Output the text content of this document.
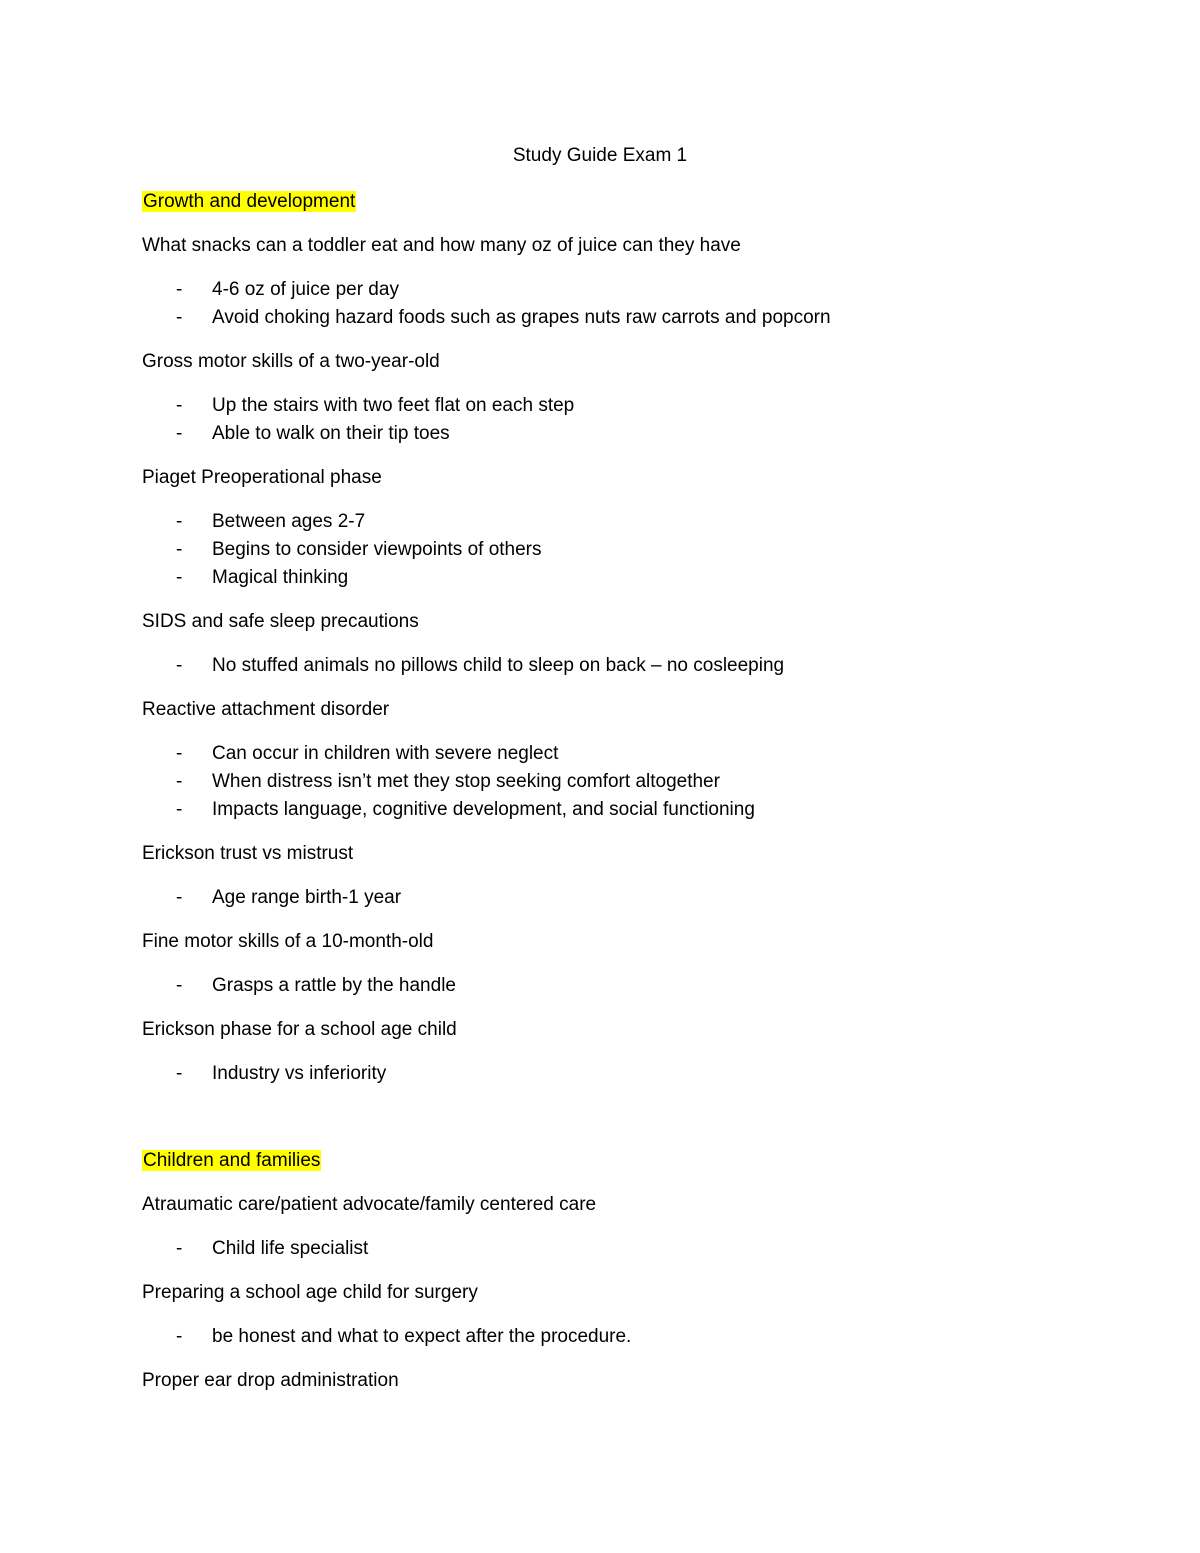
Study Guide Exam 1
Growth and development
What snacks can a toddler eat and how many oz of juice can they have
- 4-6 oz of juice per day
- Avoid choking hazard foods such as grapes nuts raw carrots and popcorn
Gross motor skills of a two-year-old
- Up the stairs with two feet flat on each step
- Able to walk on their tip toes
Piaget Preoperational phase
- Between ages 2-7
- Begins to consider viewpoints of others
- Magical thinking
SIDS and safe sleep precautions
- No stuffed animals no pillows child to sleep on back – no cosleeping
Reactive attachment disorder
- Can occur in children with severe neglect
- When distress isn’t met they stop seeking comfort altogether
- Impacts language, cognitive development, and social functioning
Erickson trust vs mistrust
- Age range birth-1 year
Fine motor skills of a 10-month-old
- Grasps a rattle by the handle
Erickson phase for a school age child
- Industry vs inferiority
Children and families
Atraumatic care/patient advocate/family centered care
- Child life specialist
Preparing a school age child for surgery
- be honest and what to expect after the procedure.
Proper ear drop administration
